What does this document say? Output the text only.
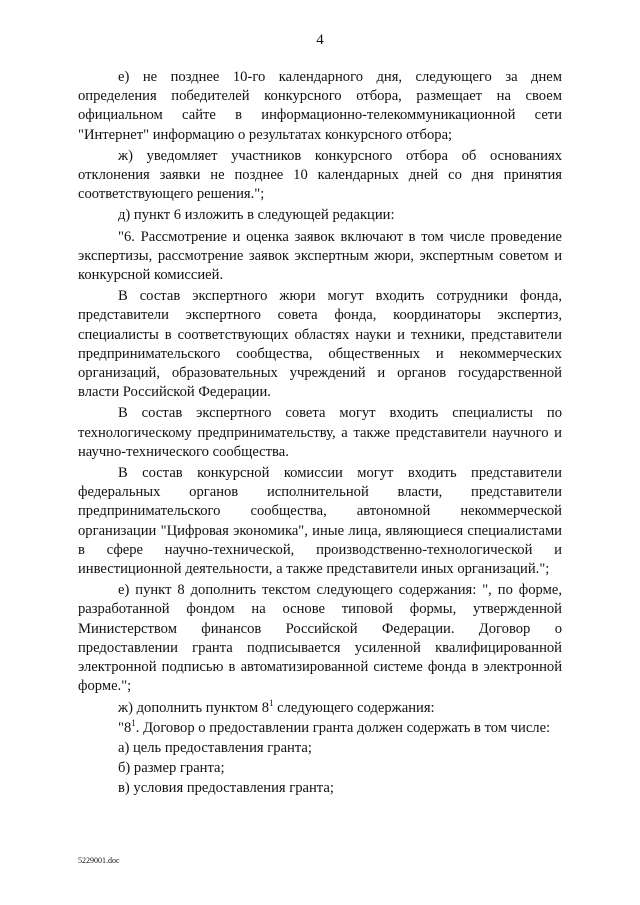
4

е) не позднее 10-го календарного дня, следующего за днем определения победителей конкурсного отбора, размещает на своем официальном сайте в информационно-телекоммуникационной сети "Интернет" информацию о результатах конкурсного отбора;

ж) уведомляет участников конкурсного отбора об основаниях отклонения заявки не позднее 10 календарных дней со дня принятия соответствующего решения.";

д) пункт 6 изложить в следующей редакции:

"6. Рассмотрение и оценка заявок включают в том числе проведение экспертизы, рассмотрение заявок экспертным жюри, экспертным советом и конкурсной комиссией.

В состав экспертного жюри могут входить сотрудники фонда, представители экспертного совета фонда, координаторы экспертиз, специалисты в соответствующих областях науки и техники, представители предпринимательского сообщества, общественных и некоммерческих организаций, образовательных учреждений и органов государственной власти Российской Федерации.

В состав экспертного совета могут входить специалисты по технологическому предпринимательству, а также представители научного и научно-технического сообщества.

В состав конкурсной комиссии могут входить представители федеральных органов исполнительной власти, представители предпринимательского сообщества, автономной некоммерческой организации "Цифровая экономика", иные лица, являющиеся специалистами в сфере научно-технической, производственно-технологической и инвестиционной деятельности, а также представители иных организаций.";

е) пункт 8 дополнить текстом следующего содержания: ", по форме, разработанной фондом на основе типовой формы, утвержденной Министерством финансов Российской Федерации. Договор о предоставлении гранта подписывается усиленной квалифицированной электронной подписью в автоматизированной системе фонда в электронной форме.";

ж) дополнить пунктом $8^1$ следующего содержания:

"$8^1$. Договор о предоставлении гранта должен содержать в том числе:

а) цель предоставления гранта;

б) размер гранта;

в) условия предоставления гранта;

5229001.doc
